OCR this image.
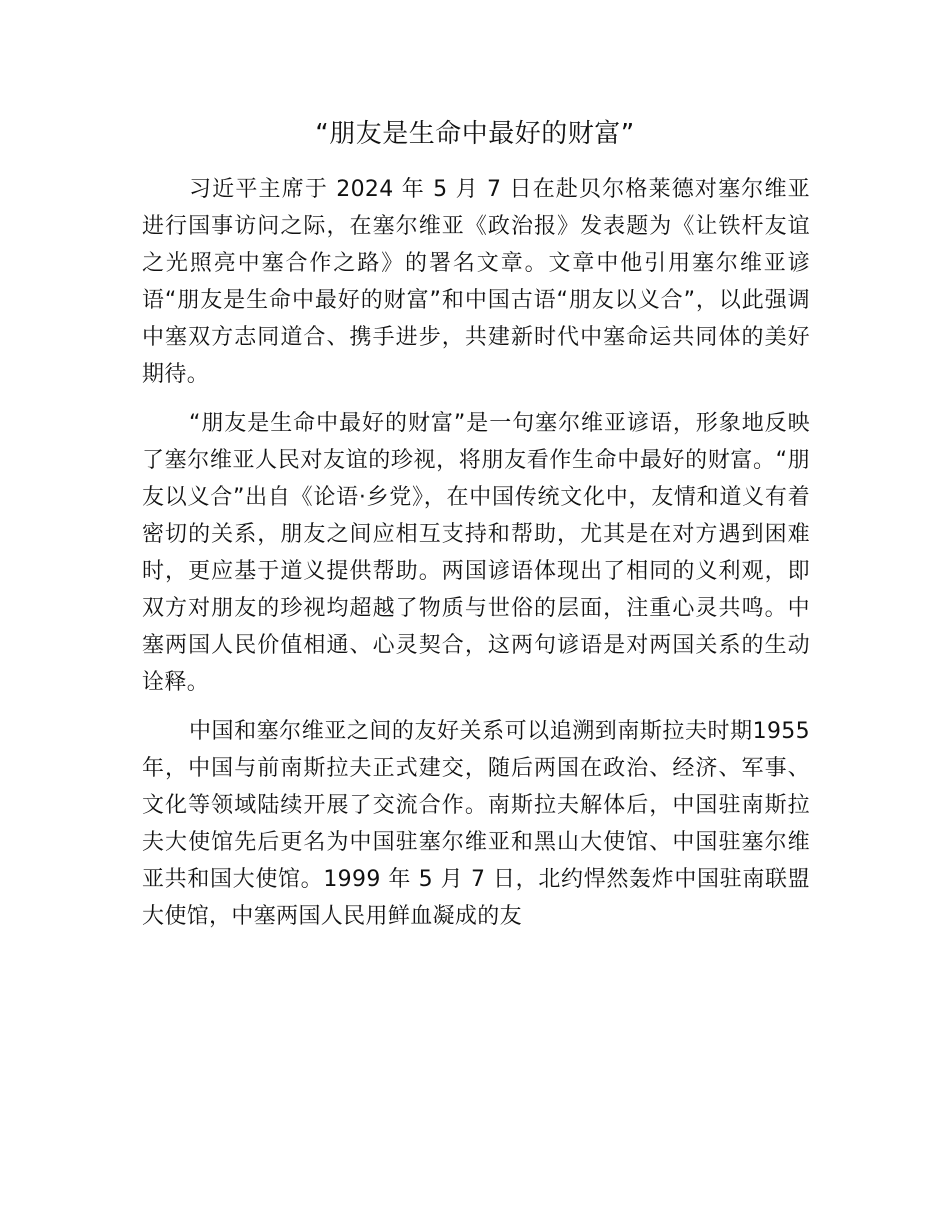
“朋友是生命中最好的财富”

习近平主席于 2024 年 5 月 7 日在赴贝尔格莱德对塞尔维亚进行国事访问之际，在塞尔维亚《政治报》发表题为《让铁杆友谊之光照亮中塞合作之路》的署名文章。文章中他引用塞尔维亚谚语“朋友是生命中最好的财富”和中国古语“朋友以义合”，以此强调中塞双方志同道合、携手进步，共建新时代中塞命运共同体的美好期待。

“朋友是生命中最好的财富”是一句塞尔维亚谚语，形象地反映了塞尔维亚人民对友谊的珍视，将朋友看作生命中最好的财富。“朋友以义合”出自《论语·乡党》，在中国传统文化中，友情和道义有着密切的关系，朋友之间应相互支持和帮助，尤其是在对方遇到困难时，更应基于道义提供帮助。两国谚语体现出了相同的义利观，即双方对朋友的珍视均超越了物质与世俗的层面，注重心灵共鸣。中塞两国人民价值相通、心灵契合，这两句谚语是对两国关系的生动诠释。

中国和塞尔维亚之间的友好关系可以追溯到南斯拉夫时期1955 年，中国与前南斯拉夫正式建交，随后两国在政治、经济、军事、文化等领域陆续开展了交流合作。南斯拉夫解体后，中国驻南斯拉夫大使馆先后更名为中国驻塞尔维亚和黑山大使馆、中国驻塞尔维亚共和国大使馆。1999 年 5 月 7 日，北约悍然轰炸中国驻南联盟大使馆，中塞两国人民用鲜血凝成的友
